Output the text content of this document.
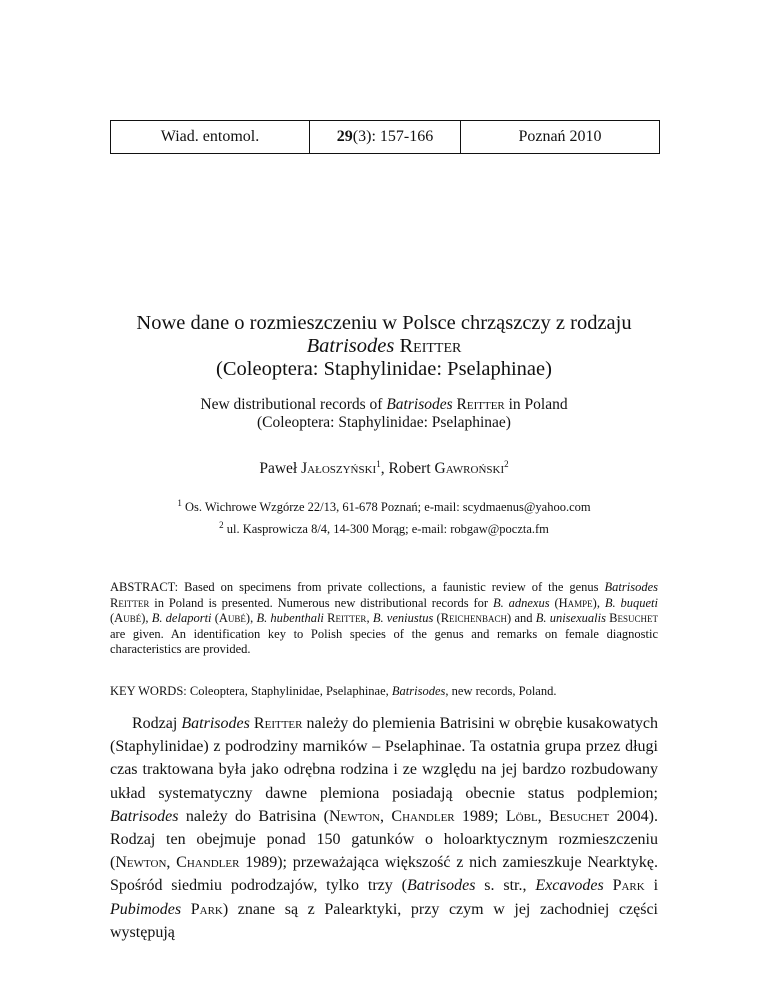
Wiad. entomol.	29 (3): 157-166	Poznań 2010
Nowe dane o rozmieszczeniu w Polsce chrząszczy z rodzaju
Batrisodes Reitter
(Coleoptera: Staphylinidae: Pselaphinae)
New distributional records of Batrisodes Reitter in Poland
(Coleoptera: Staphylinidae: Pselaphinae)
Paweł Jałoszyński$^1$, Robert Gawroński$^2$
$^1$ Os. Wichrowe Wzgórze 22/13, 61-678 Poznań; e-mail: scydmaenus@yahoo.com
$^2$ ul. Kasprowicza 8/4, 14-300 Morąg; e-mail: robgaw@poczta.fm
ABSTRACT: Based on specimens from private collections, a faunistic review of the genus Batrisodes Reitter in Poland is presented. Numerous new distributional records for B. adnexus (Hampe), B. buqueti (Aubé), B. delaporti (Aubé), B. hubenthali Reitter, B. veniustus (Reichenbach) and B. unisexualis Besuchet are given. An identification key to Polish species of the genus and remarks on female diagnostic characteristics are provided.
KEY WORDS: Coleoptera, Staphylinidae, Pselaphinae, Batrisodes, new records, Poland.

Rodzaj Batrisodes Reitter należy do plemienia Batrisini w obrębie kusakowatych (Staphylinidae) z podrodziny marników – Pselaphinae. Ta ostatnia grupa przez długi czas traktowana była jako odrębna rodzina i ze względu na jej bardzo rozbudowany układ systematyczny dawne plemiona posiadają obecnie status podplemion; Batrisodes należy do Batrisina (Newton, Chandler 1989; Löbl, Besuchet 2004). Rodzaj ten obejmuje ponad 150 gatunków o holoarktycznym rozmieszczeniu (Newton, Chandler 1989); przeważająca większość z nich zamieszkuje Nearktykę. Spośród siedmiu podrodzajów, tylko trzy (Batrisodes s. str., Excavodes Park i Pubimodes Park) znane są z Palearktyki, przy czym w jej zachodniej części występują
